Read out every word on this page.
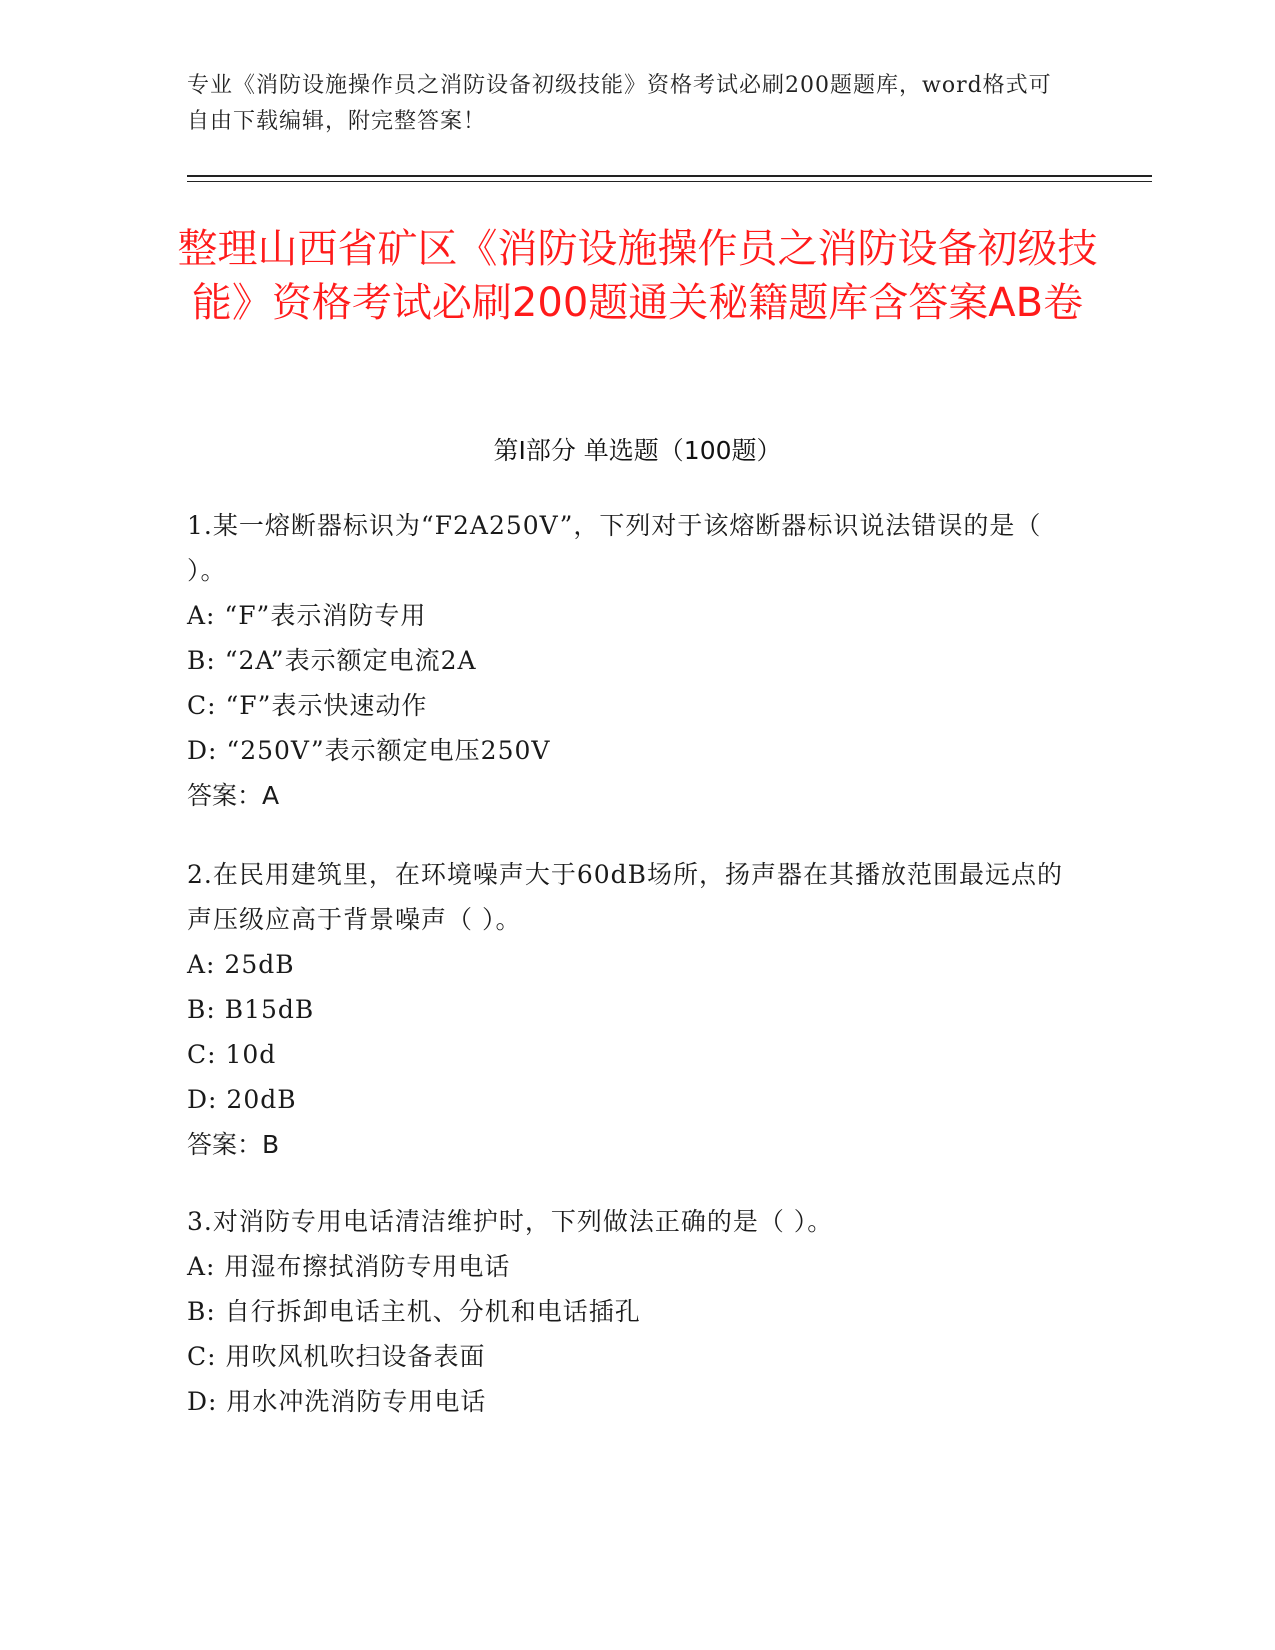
专业《消防设施操作员之消防设备初级技能》资格考试必刷200题题库，word格式可自由下载编辑，附完整答案！
整理山西省矿区《消防设施操作员之消防设备初级技能》资格考试必刷200题通关秘籍题库含答案AB卷
第I部分 单选题（100题）
1.某一熔断器标识为“F2A250V”，下列对于该熔断器标识说法错误的是（ ）。
A: “F”表示消防专用
B: “2A”表示额定电流2A
C: “F”表示快速动作
D: “250V”表示额定电压250V
答案：A
2.在民用建筑里，在环境噪声大于60dB场所，扬声器在其播放范围最远点的声压级应高于背景噪声（ ）。
A: 25dB
B: B15dB
C: 10d
D: 20dB
答案：B
3.对消防专用电话清洁维护时，下列做法正确的是（ ）。
A: 用湿布擦拭消防专用电话
B: 自行拆卸电话主机、分机和电话插孔
C: 用吹风机吹扫设备表面
D: 用水冲洗消防专用电话
